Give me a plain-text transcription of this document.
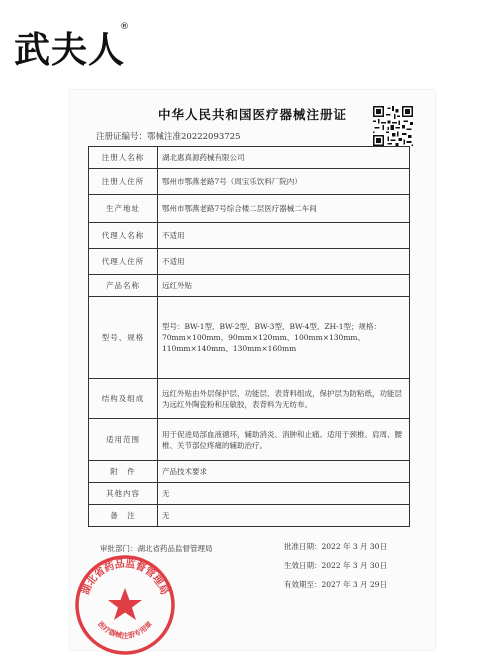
武夫人
®
中华人民共和国医疗器械注册证
注册证编号：鄂械注准20222093725
注册人名称	湖北惠真源药械有限公司
注册人住所	鄂州市鄂燕老路7号（周宝乐饮料厂院内）
生产地址	鄂州市鄂燕老路7号综合楼二层医疗器械二车间
代理人名称	不适用
代理人住所	不适用
产品名称	远红外贴
型号、规格	型号：BW-1型、BW-2型、BW-3型、BW-4型、ZH-1型；规格：70mm×100mm、90mm×120mm、100mm×130mm、110mm×140mm、130mm×160mm
结构及组成	远红外贴由外层保护层、功能层、表背料组成，保护层为防粘纸，功能层为远红外陶瓷粉和压敏胶，表背料为无纺布。
适用范围	用于促进局部血液循环，辅助消炎、消肿和止痛。适用于颈椎、肩周、腰椎、关节部位疼痛的辅助治疗。
附　件	产品技术要求
其他内容	无
备　注	无
审批部门：湖北省药品监督管理局	批准日期：2022 年 3 月 30日
生效日期：2022 年 3 月 30日
有效期至：2027 年 3 月 29日
湖北省药品监督管理局
医疗器械注册专用章
